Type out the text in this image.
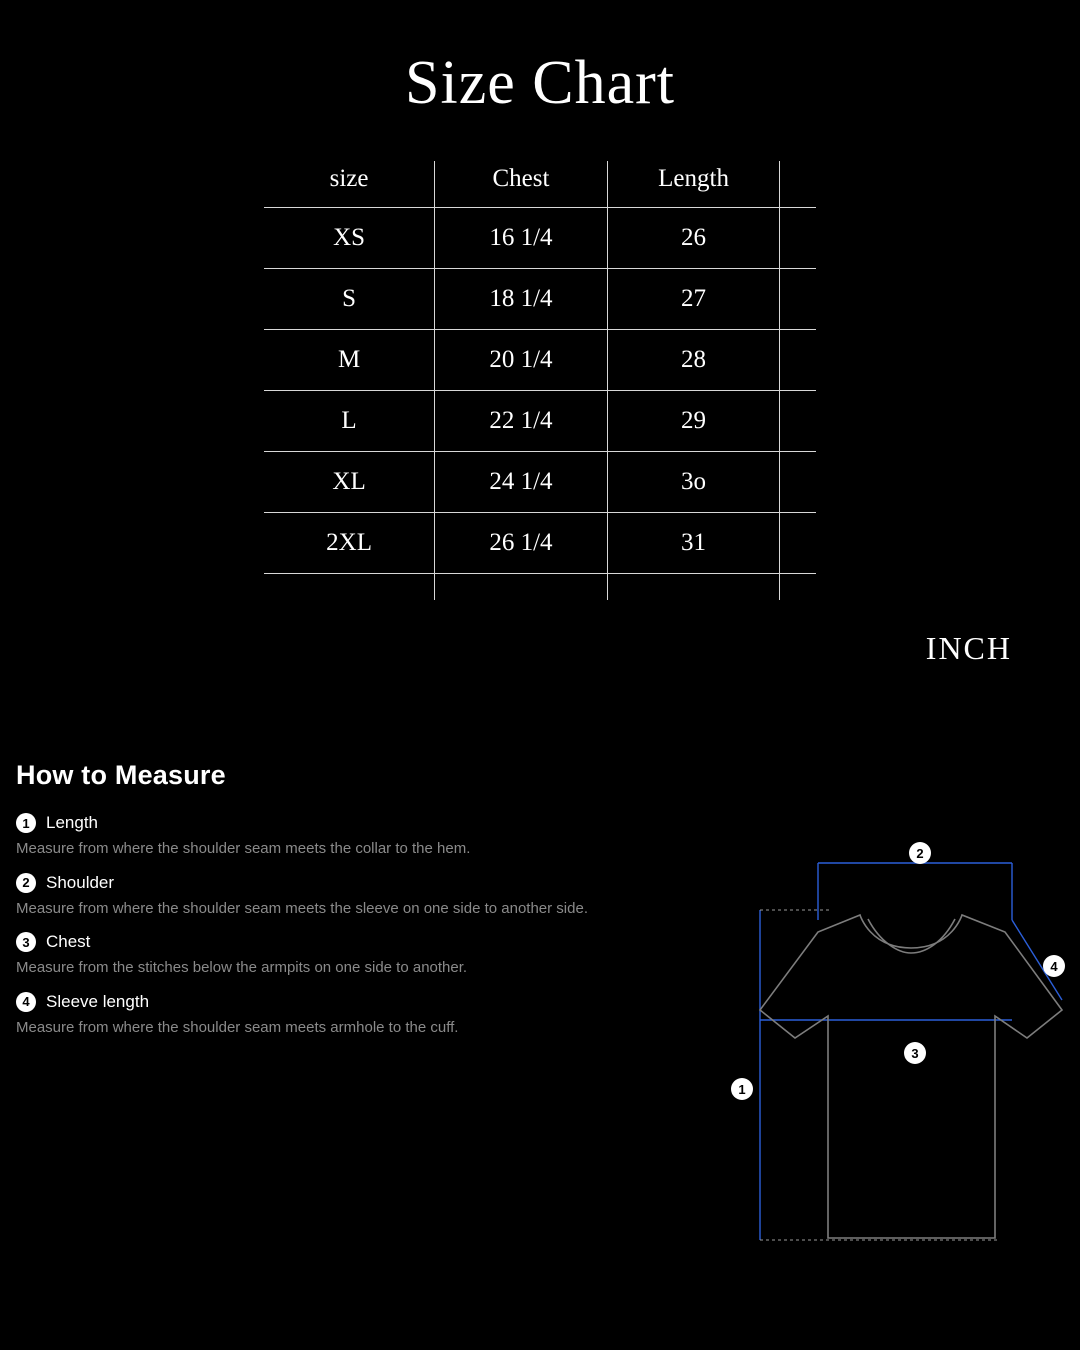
Size Chart
size	Chest	Length	
XS	16 1/4	26	
S	18 1/4	27	
M	20 1/4	28	
L	22 1/4	29	
XL	24 1/4	3o	
2XL	26 1/4	31	

INCH
How to Measure
1 Length

Measure from where the shoulder seam meets the collar to the hem.

2 Shoulder

Measure from where the shoulder seam meets the sleeve on one side to another side.

3 Chest

Measure from the stitches below the armpits on one side to another.

4 Sleeve length

Measure from where the shoulder seam meets armhole to the cuff.

2
4
3
1
